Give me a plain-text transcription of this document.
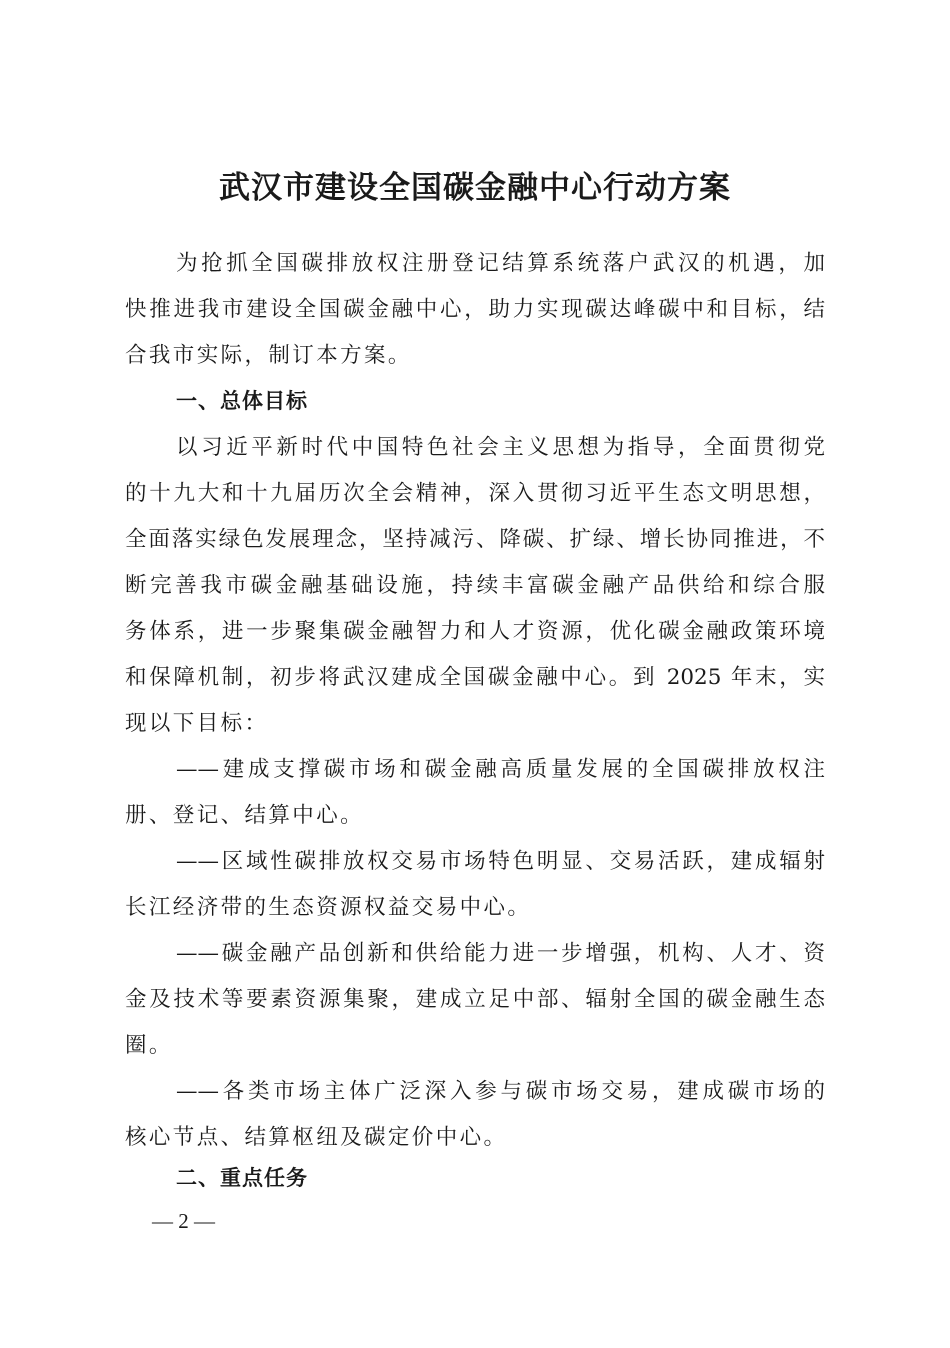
武汉市建设全国碳金融中心行动方案
为抢抓全国碳排放权注册登记结算系统落户武汉的机遇，加
快推进我市建设全国碳金融中心，助力实现碳达峰碳中和目标，结
合我市实际，制订本方案。
一、总体目标
以习近平新时代中国特色社会主义思想为指导，全面贯彻党
的十九大和十九届历次全会精神，深入贯彻习近平生态文明思想，
全面落实绿色发展理念，坚持减污、降碳、扩绿、增长协同推进，不
断完善我市碳金融基础设施，持续丰富碳金融产品供给和综合服
务体系，进一步聚集碳金融智力和人才资源，优化碳金融政策环境
和保障机制，初步将武汉建成全国碳金融中心。到 2025 年末，实
现以下目标：
——建成支撑碳市场和碳金融高质量发展的全国碳排放权注
册、登记、结算中心。
——区域性碳排放权交易市场特色明显、交易活跃，建成辐射
长江经济带的生态资源权益交易中心。
——碳金融产品创新和供给能力进一步增强，机构、人才、资
金及技术等要素资源集聚，建成立足中部、辐射全国的碳金融生态
圈。
——各类市场主体广泛深入参与碳市场交易，建成碳市场的
核心节点、结算枢纽及碳定价中心。
二、重点任务
— 2 —
